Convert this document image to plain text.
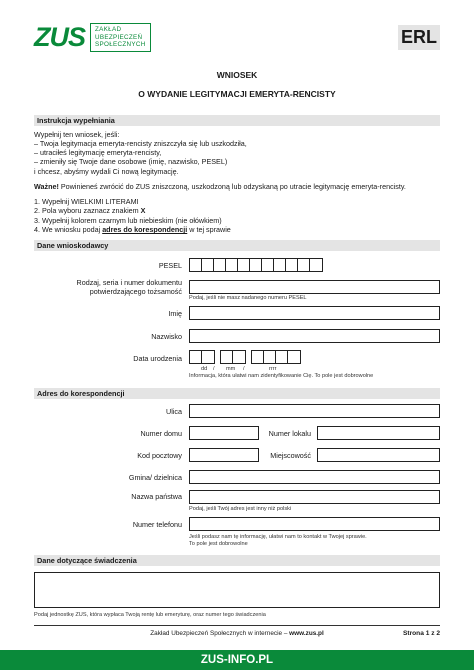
ZUS ZAKŁAD
UBEZPIECZEŃ
SPOŁECZNYCH	ERL
WNIOSEK
O WYDANIE LEGITYMACJI EMERYTA-RENCISTY
Instrukcja wypełniania
Wypełnij ten wniosek, jeśli:
– Twoja legitymacja emeryta-rencisty zniszczyła się lub uszkodziła,
– utraciłeś legitymację emeryta-rencisty,
– zmieniły się Twoje dane osobowe (imię, nazwisko, PESEL)
i chcesz, abyśmy wydali Ci nową legitymację.
Ważne! Powinieneś zwrócić do ZUS zniszczoną, uszkodzoną lub odzyskaną po utracie legitymację emeryta-rencisty.
1. Wypełnij WIELKIMI LITERAMI
2. Pola wyboru zaznacz znakiem X
3. Wypełnij kolorem czarnym lub niebieskim (nie ołówkiem)
4. We wniosku podaj adres do korespondencji w tej sprawie
Dane wnioskodawcy
PESEL
Rodzaj, seria i numer dokumentu
potwierdzającego tożsamość
Podaj, jeśli nie masz nadanego numeru PESEL
Imię
Nazwisko
Data urodzenia
dd / mm /	rrrr
Informacja, która ułatwi nam zidentyfikowanie Cię. To pole jest dobrowolne
Adres do korespondencji
Ulica
Numer domu	Numer lokalu
Kod pocztowy	Miejscowość
Gmina/ dzielnica
Nazwa państwa
Podaj, jeśli Twój adres jest inny niż polski
Numer telefonu
Jeśli podasz nam tę informację, ułatwi nam to kontakt w Twojej sprawie.
To pole jest dobrowolne
Dane dotyczące świadczenia
Podaj jednostkę ZUS, która wypłaca Twoją rentę lub emeryturę, oraz numer tego świadczenia
Zakład Ubezpieczeń Społecznych w internecie – www.zus.pl	Strona 1 z 2
ZUS-INFO.PL
